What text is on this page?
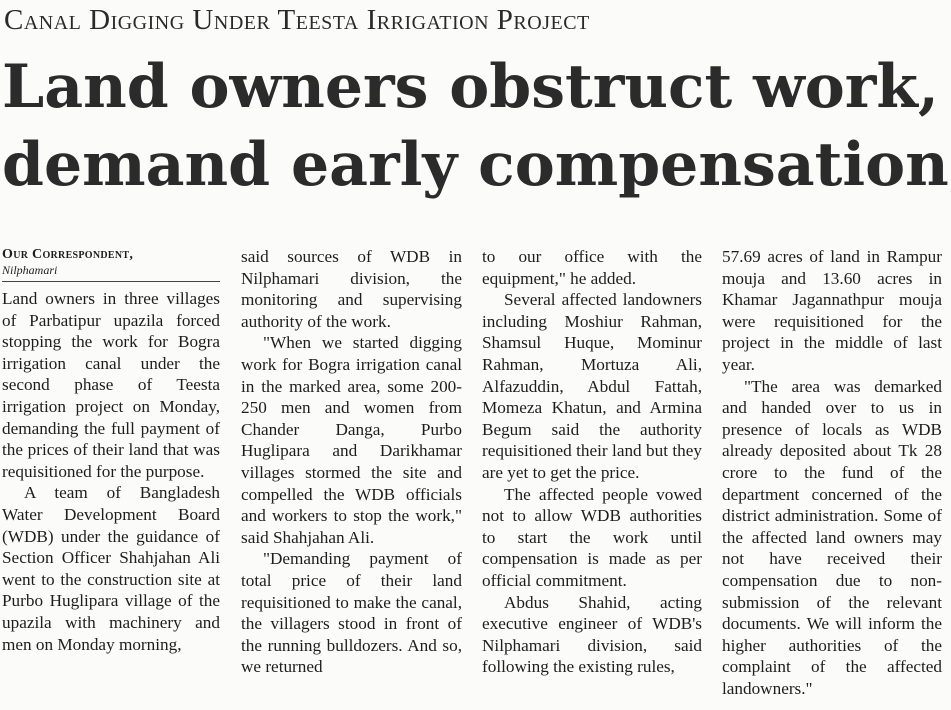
Canal Digging Under Teesta Irrigation Project
Land owners obstruct work,
demand early compensation
Our Correspondent,
Nilphamari

Land owners in three villages of Parbatipur upazila forced stopping the work for Bogra irrigation canal under the second phase of Teesta irrigation project on Monday, demanding the full payment of the prices of their land that was requisitioned for the purpose.

A team of Bangladesh Water Development Board (WDB) under the guidance of Section Officer Shahjahan Ali went to the construction site at Purbo Huglipara village of the upazila with machinery and men on Monday morning,

said sources of WDB in Nilphamari division, the monitoring and supervising authority of the work.

"When we started digging work for Bogra irrigation canal in the marked area, some 200-250 men and women from Chander Danga, Purbo Huglipara and Darikhamar villages stormed the site and compelled the WDB officials and workers to stop the work," said Shahjahan Ali.

"Demanding payment of total price of their land requisitioned to make the canal, the villagers stood in front of the running bulldozers. And so, we returned

to our office with the equipment," he added.

Several affected landowners including Moshiur Rahman, Shamsul Huque, Mominur Rahman, Mortuza Ali, Alfazuddin, Abdul Fattah, Momeza Khatun, and Armina Begum said the authority requisitioned their land but they are yet to get the price.

The affected people vowed not to allow WDB authorities to start the work until compensation is made as per official commitment.

Abdus Shahid, acting executive engineer of WDB's Nilphamari division, said following the existing rules,

57.69 acres of land in Rampur mouja and 13.60 acres in Khamar Jagannathpur mouja were requisitioned for the project in the middle of last year.

"The area was demarked and handed over to us in presence of locals as WDB already deposited about Tk 28 crore to the fund of the department concerned of the district administration. Some of the affected land owners may not have received their compensation due to non-submission of the relevant documents. We will inform the higher authorities of the complaint of the affected landowners."
